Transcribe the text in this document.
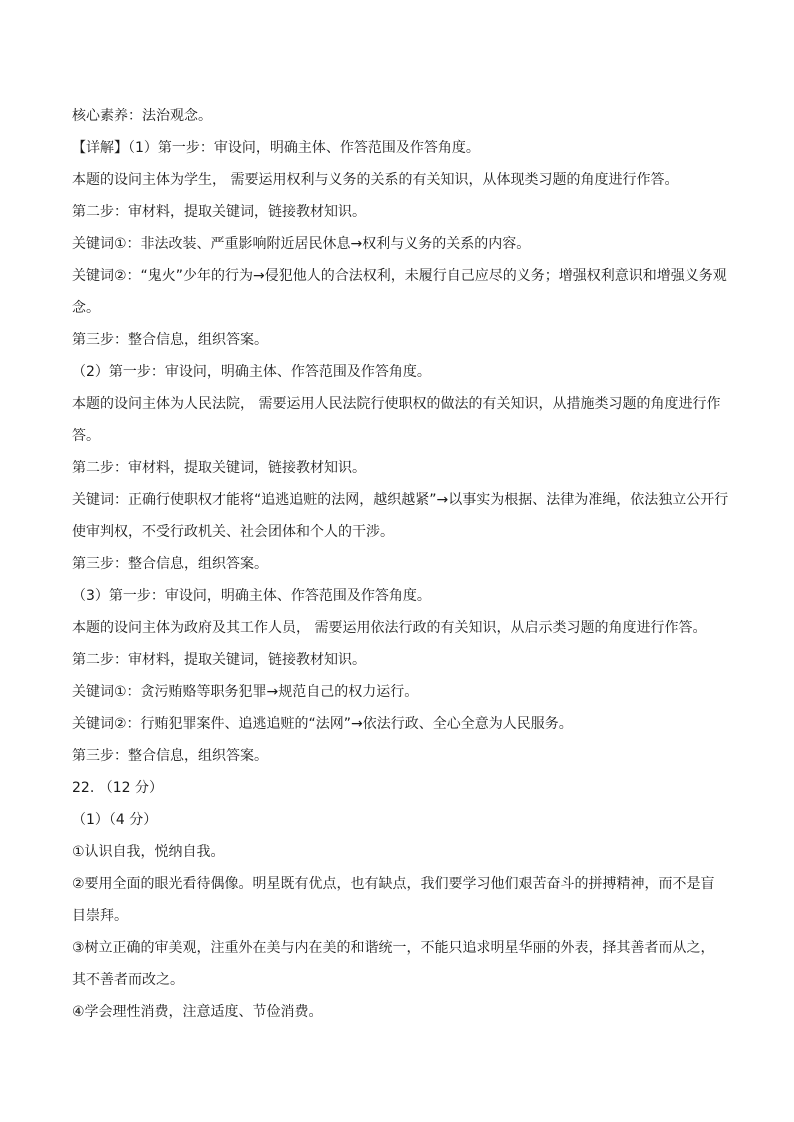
核心素养：法治观念。
【详解】（1）第一步：审设问，明确主体、作答范围及作答角度。
本题的设问主体为学生， 需要运用权利与义务的关系的有关知识，从体现类习题的角度进行作答。
第二步：审材料，提取关键词，链接教材知识。
关键词①：非法改装、严重影响附近居民休息→权利与义务的关系的内容。
关键词②：“鬼火”少年的行为→侵犯他人的合法权利，未履行自己应尽的义务；增强权利意识和增强义务观
念。
第三步：整合信息，组织答案。
（2）第一步：审设问，明确主体、作答范围及作答角度。
本题的设问主体为人民法院， 需要运用人民法院行使职权的做法的有关知识，从措施类习题的角度进行作
答。
第二步：审材料，提取关键词，链接教材知识。
关键词：正确行使职权才能将“追逃追赃的法网，越织越紧”→以事实为根据、法律为准绳，依法独立公开行
使审判权，不受行政机关、社会团体和个人的干涉。
第三步：整合信息，组织答案。
（3）第一步：审设问，明确主体、作答范围及作答角度。
本题的设问主体为政府及其工作人员， 需要运用依法行政的有关知识，从启示类习题的角度进行作答。
第二步：审材料，提取关键词，链接教材知识。
关键词①：贪污贿赂等职务犯罪→规范自己的权力运行。
关键词②：行贿犯罪案件、追逃追赃的“法网”→依法行政、全心全意为人民服务。
第三步：整合信息，组织答案。
22. （12 分）
（1）（4 分）
①认识自我，悦纳自我。
②要用全面的眼光看待偶像。明星既有优点，也有缺点，我们要学习他们艰苦奋斗的拼搏精神，而不是盲
目崇拜。
③树立正确的审美观，注重外在美与内在美的和谐统一，不能只追求明星华丽的外表，择其善者而从之，
其不善者而改之。
④学会理性消费，注意适度、节俭消费。
